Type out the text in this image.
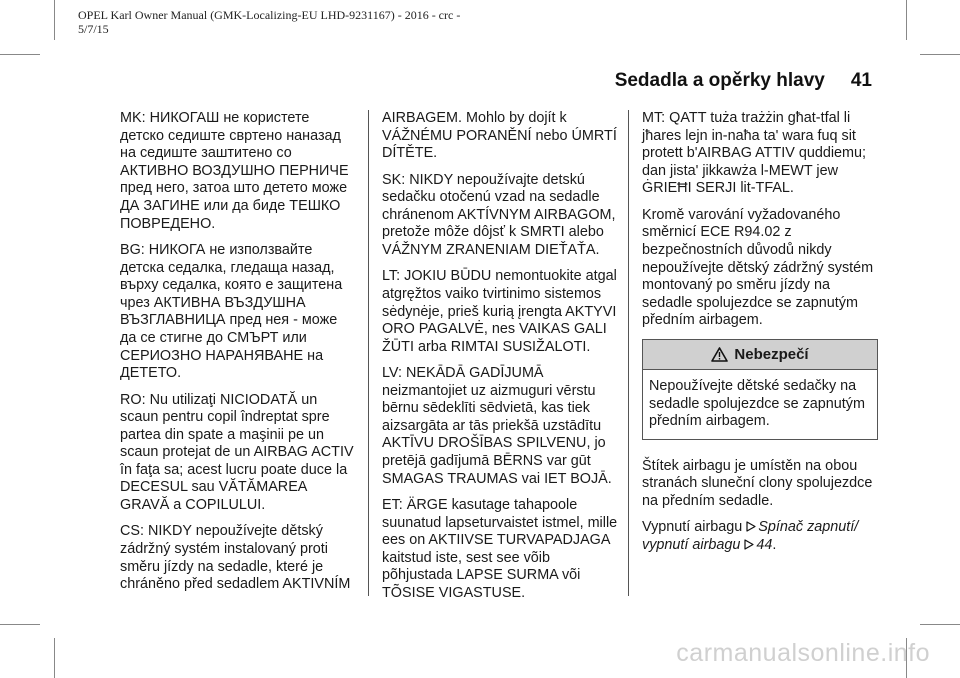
OPEL Karl Owner Manual (GMK-Localizing-EU LHD-9231167) - 2016 - crc -
5/7/15
Sedadla a opěrky hlavy 41

MK: НИКОГАШ не користете детско седиште свртено наназад на седиште заштитено со АКТИВНО ВОЗДУШНО ПЕРНИЧЕ пред него, затоа што детето може ДА ЗАГИНЕ или да биде ТЕШКО ПОВРЕДЕНО.

BG: НИКОГА не използвайте детска седалка, гледаща назад, върху седалка, която е защитена чрез АКТИВНА ВЪЗДУШНА ВЪЗГЛАВНИЦА пред нея - може да се стигне до СМЪРТ или СЕРИОЗНО НАРАНЯВАНЕ на ДЕТЕТО.

RO: Nu utilizaţi NICIODATĂ un scaun pentru copil îndreptat spre partea din spate a maşinii pe un scaun protejat de un AIRBAG ACTIV în faţa sa; acest lucru poate duce la DECESUL sau VĂTĂMAREA GRAVĂ a COPILULUI.

CS: NIKDY nepoužívejte dětský zádržný systém instalovaný proti směru jízdy na sedadle, které je chráněno před sedadlem AKTIVNÍM

AIRBAGEM. Mohlo by dojít k VÁŽNÉMU PORANĚNÍ nebo ÚMRTÍ DÍTĚTE.

SK: NIKDY nepoužívajte detskú sedačku otočenú vzad na sedadle chránenom AKTÍVNYM AIRBAGOM, pretože môže dôjsť k SMRTI alebo VÁŽNYM ZRANENIAM DIEŤAŤA.

LT: JOKIU BŪDU nemontuokite atgal atgręžtos vaiko tvirtinimo sistemos sėdynėje, prieš kurią įrengta AKTYVI ORO PAGALVĖ, nes VAIKAS GALI ŽŪTI arba RIMTAI SUSIŽALOTI.

LV: NEKĀDĀ GADĪJUMĀ neizmantojiet uz aizmuguri vērstu bērnu sēdeklīti sēdvietā, kas tiek aizsargāta ar tās priekšā uzstādītu AKTĪVU DROŠĪBAS SPILVENU, jo pretējā gadījumā BĒRNS var gūt SMAGAS TRAUMAS vai IET BOJĀ.

ET: ÄRGE kasutage tahapoole suunatud lapseturvaistet istmel, mille ees on AKTIIVSE TURVAPADJAGA kaitstud iste, sest see võib põhjustada LAPSE SURMA või TÕSISE VIGASTUSE.

MT: QATT tuża trażżin għat-tfal li jħares lejn in-naħa ta' wara fuq sit protett b'AIRBAG ATTIV quddiemu; dan jista' jikkawża l-MEWT jew ĠRIEĦI SERJI lit-TFAL.

Kromě varování vyžadovaného směrnicí ECE R94.02 z bezpečnostních důvodů nikdy nepoužívejte dětský zádržný systém montovaný po směru jízdy na sedadle spolujezdce se zapnutým předním airbagem.

Nebezpečí
Nepoužívejte dětské sedačky na sedadle spolujezdce se zapnutým předním airbagem.

Štítek airbagu je umístěn na obou stranách sluneční clony spolujezdce na předním sedadle.

Vypnutí airbagu Spínač zapnutí/ vypnutí airbagu 44.

carmanualsonline.info
